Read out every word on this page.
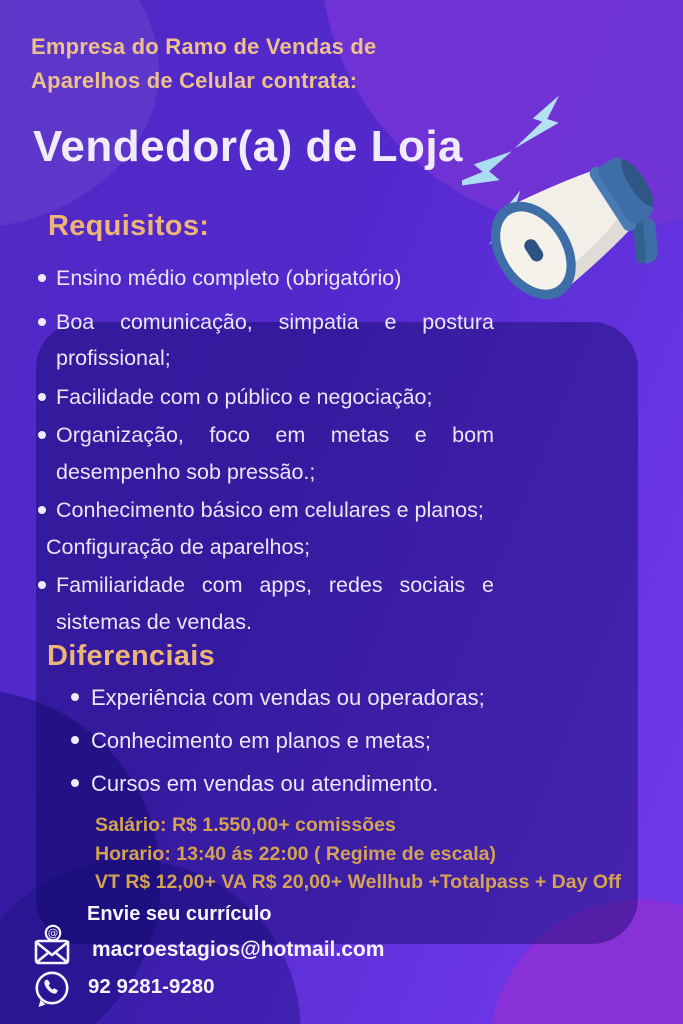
Empresa do Ramo de Vendas de
Aparelhos de Celular contrata:
Vendedor(a) de Loja
Requisitos:
Ensino médio completo (obrigatório)
Boa comunicação, simpatia e postura
profissional;
Facilidade com o público e negociação;
Organização, foco em metas e bom
desempenho sob pressão.;
Conhecimento básico em celulares e planos;
Configuração de aparelhos;
Familiaridade com apps, redes sociais e
sistemas de vendas.
Diferenciais
Experiência com vendas ou operadoras;
Conhecimento em planos e metas;
Cursos em vendas ou atendimento.

Salário: R$ 1.550,00+ comissões

Horario: 13:40 ás 22:00 ( Regime de escala)

VT R$ 12,00+ VA R$ 20,00+ Wellhub +Totalpass + Day Off

Envie seu currículo

@

macroestagios@hotmail.com

92 9281-9280
